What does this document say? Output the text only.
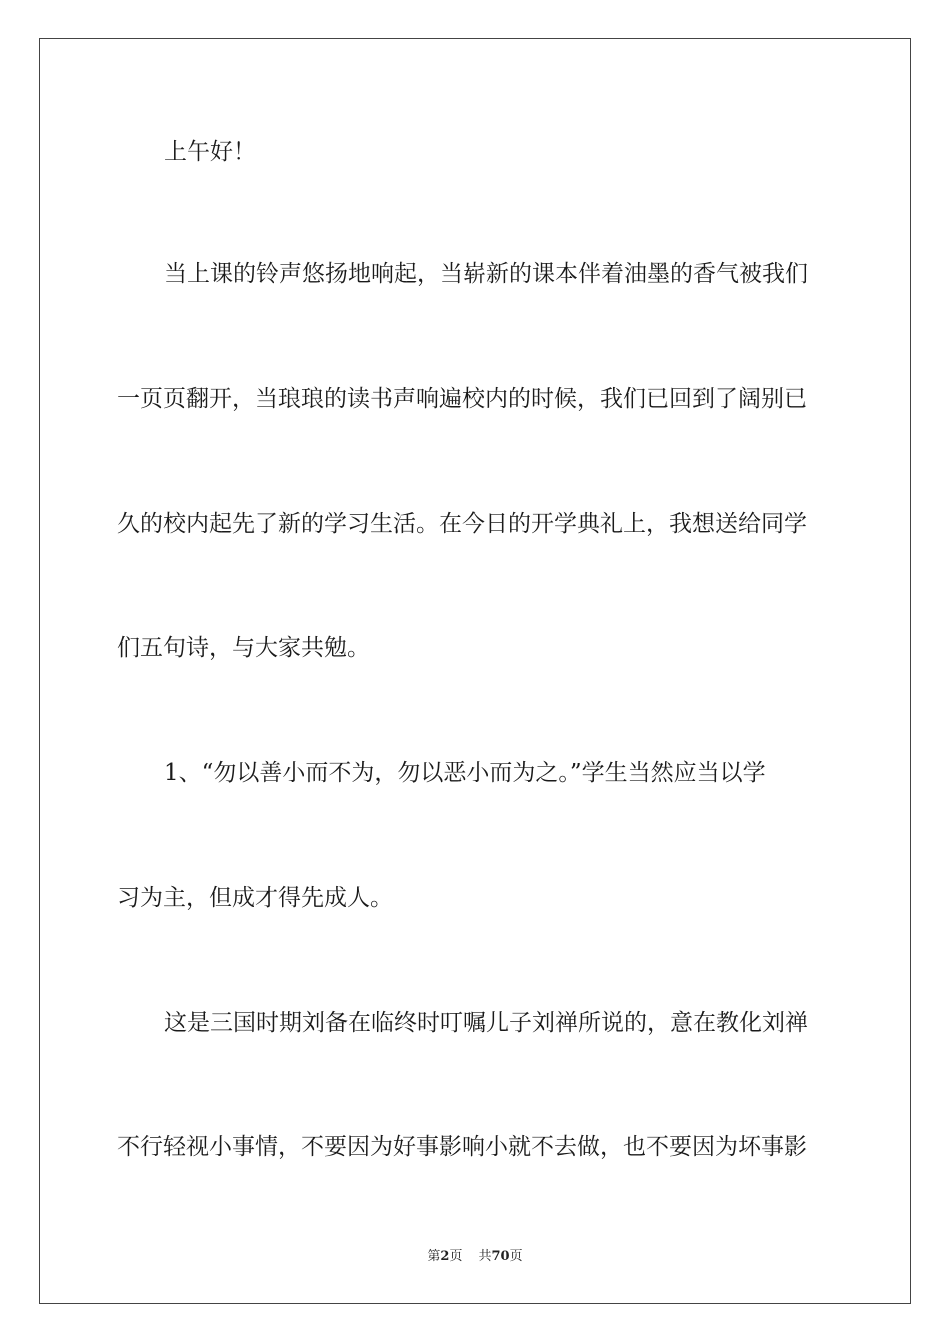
上午好！
当上课的铃声悠扬地响起，当崭新的课本伴着油墨的香气被我们
一页页翻开，当琅琅的读书声响遍校内的时候，我们已回到了阔别已
久的校内起先了新的学习生活。在今日的开学典礼上，我想送给同学
们五句诗，与大家共勉。
1、“勿以善小而不为，勿以恶小而为之。”学生当然应当以学
习为主，但成才得先成人。
这是三国时期刘备在临终时叮嘱儿子刘禅所说的，意在教化刘禅
不行轻视小事情，不要因为好事影响小就不去做，也不要因为坏事影
第2页 共70页
